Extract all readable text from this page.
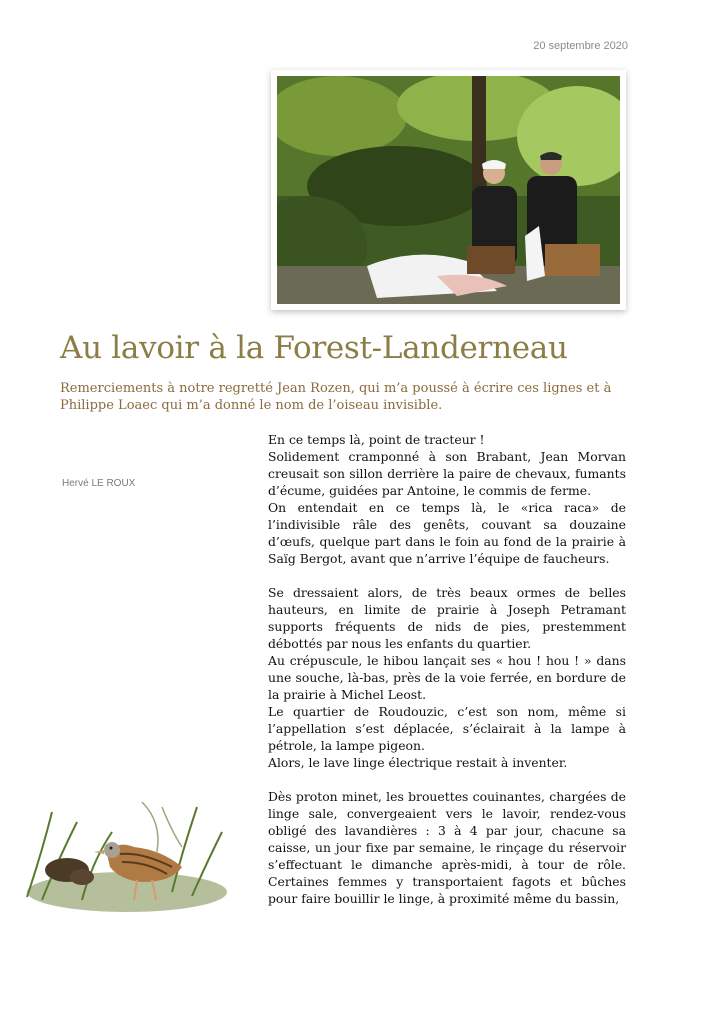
20 septembre 2020
Au lavoir à la Forest-Landerneau

Remerciements à notre regretté Jean Rozen, qui m’a poussé à écrire ces lignes et à Philippe Loaec qui m’a donné le nom de l’oiseau invisible.

Hervé LE ROUX

En ce temps là, point de tracteur !

Solidement cramponné à son Brabant, Jean Morvan creusait son sillon derrière la paire de chevaux, fumants d’écume, guidées par Antoine, le commis de ferme.

On entendait en ce temps là, le «rica raca» de l’indivisible râle des genêts, couvant sa douzaine d’œufs, quelque part dans le foin au fond de la prairie à Saïg Bergot, avant que n’arrive l’équipe de faucheurs.

Se dressaient alors, de très beaux ormes de belles hauteurs, en limite de prairie à Joseph Petramant supports fréquents de nids de pies, prestemment débottés par nous les enfants du quartier.

Au crépuscule, le hibou lançait ses « hou ! hou ! » dans une souche, là-bas, près de la voie ferrée, en bordure de la prairie à Michel Leost.

Le quartier de Roudouzic, c’est son nom, même si l’appellation s’est déplacée, s’éclairait à la lampe à pétrole, la lampe pigeon.

Alors, le lave linge électrique restait à inventer.

Dès proton minet, les brouettes couinantes, chargées de linge sale, convergeaient vers le lavoir, rendez-vous obligé des lavandières : 3 à 4 par jour, chacune sa caisse, un jour fixe par semaine, le rinçage du réservoir s’effectuant le dimanche après-midi, à tour de rôle. Certaines femmes y transportaient fagots et bûches pour faire bouillir le linge, à proximité même du bassin,
